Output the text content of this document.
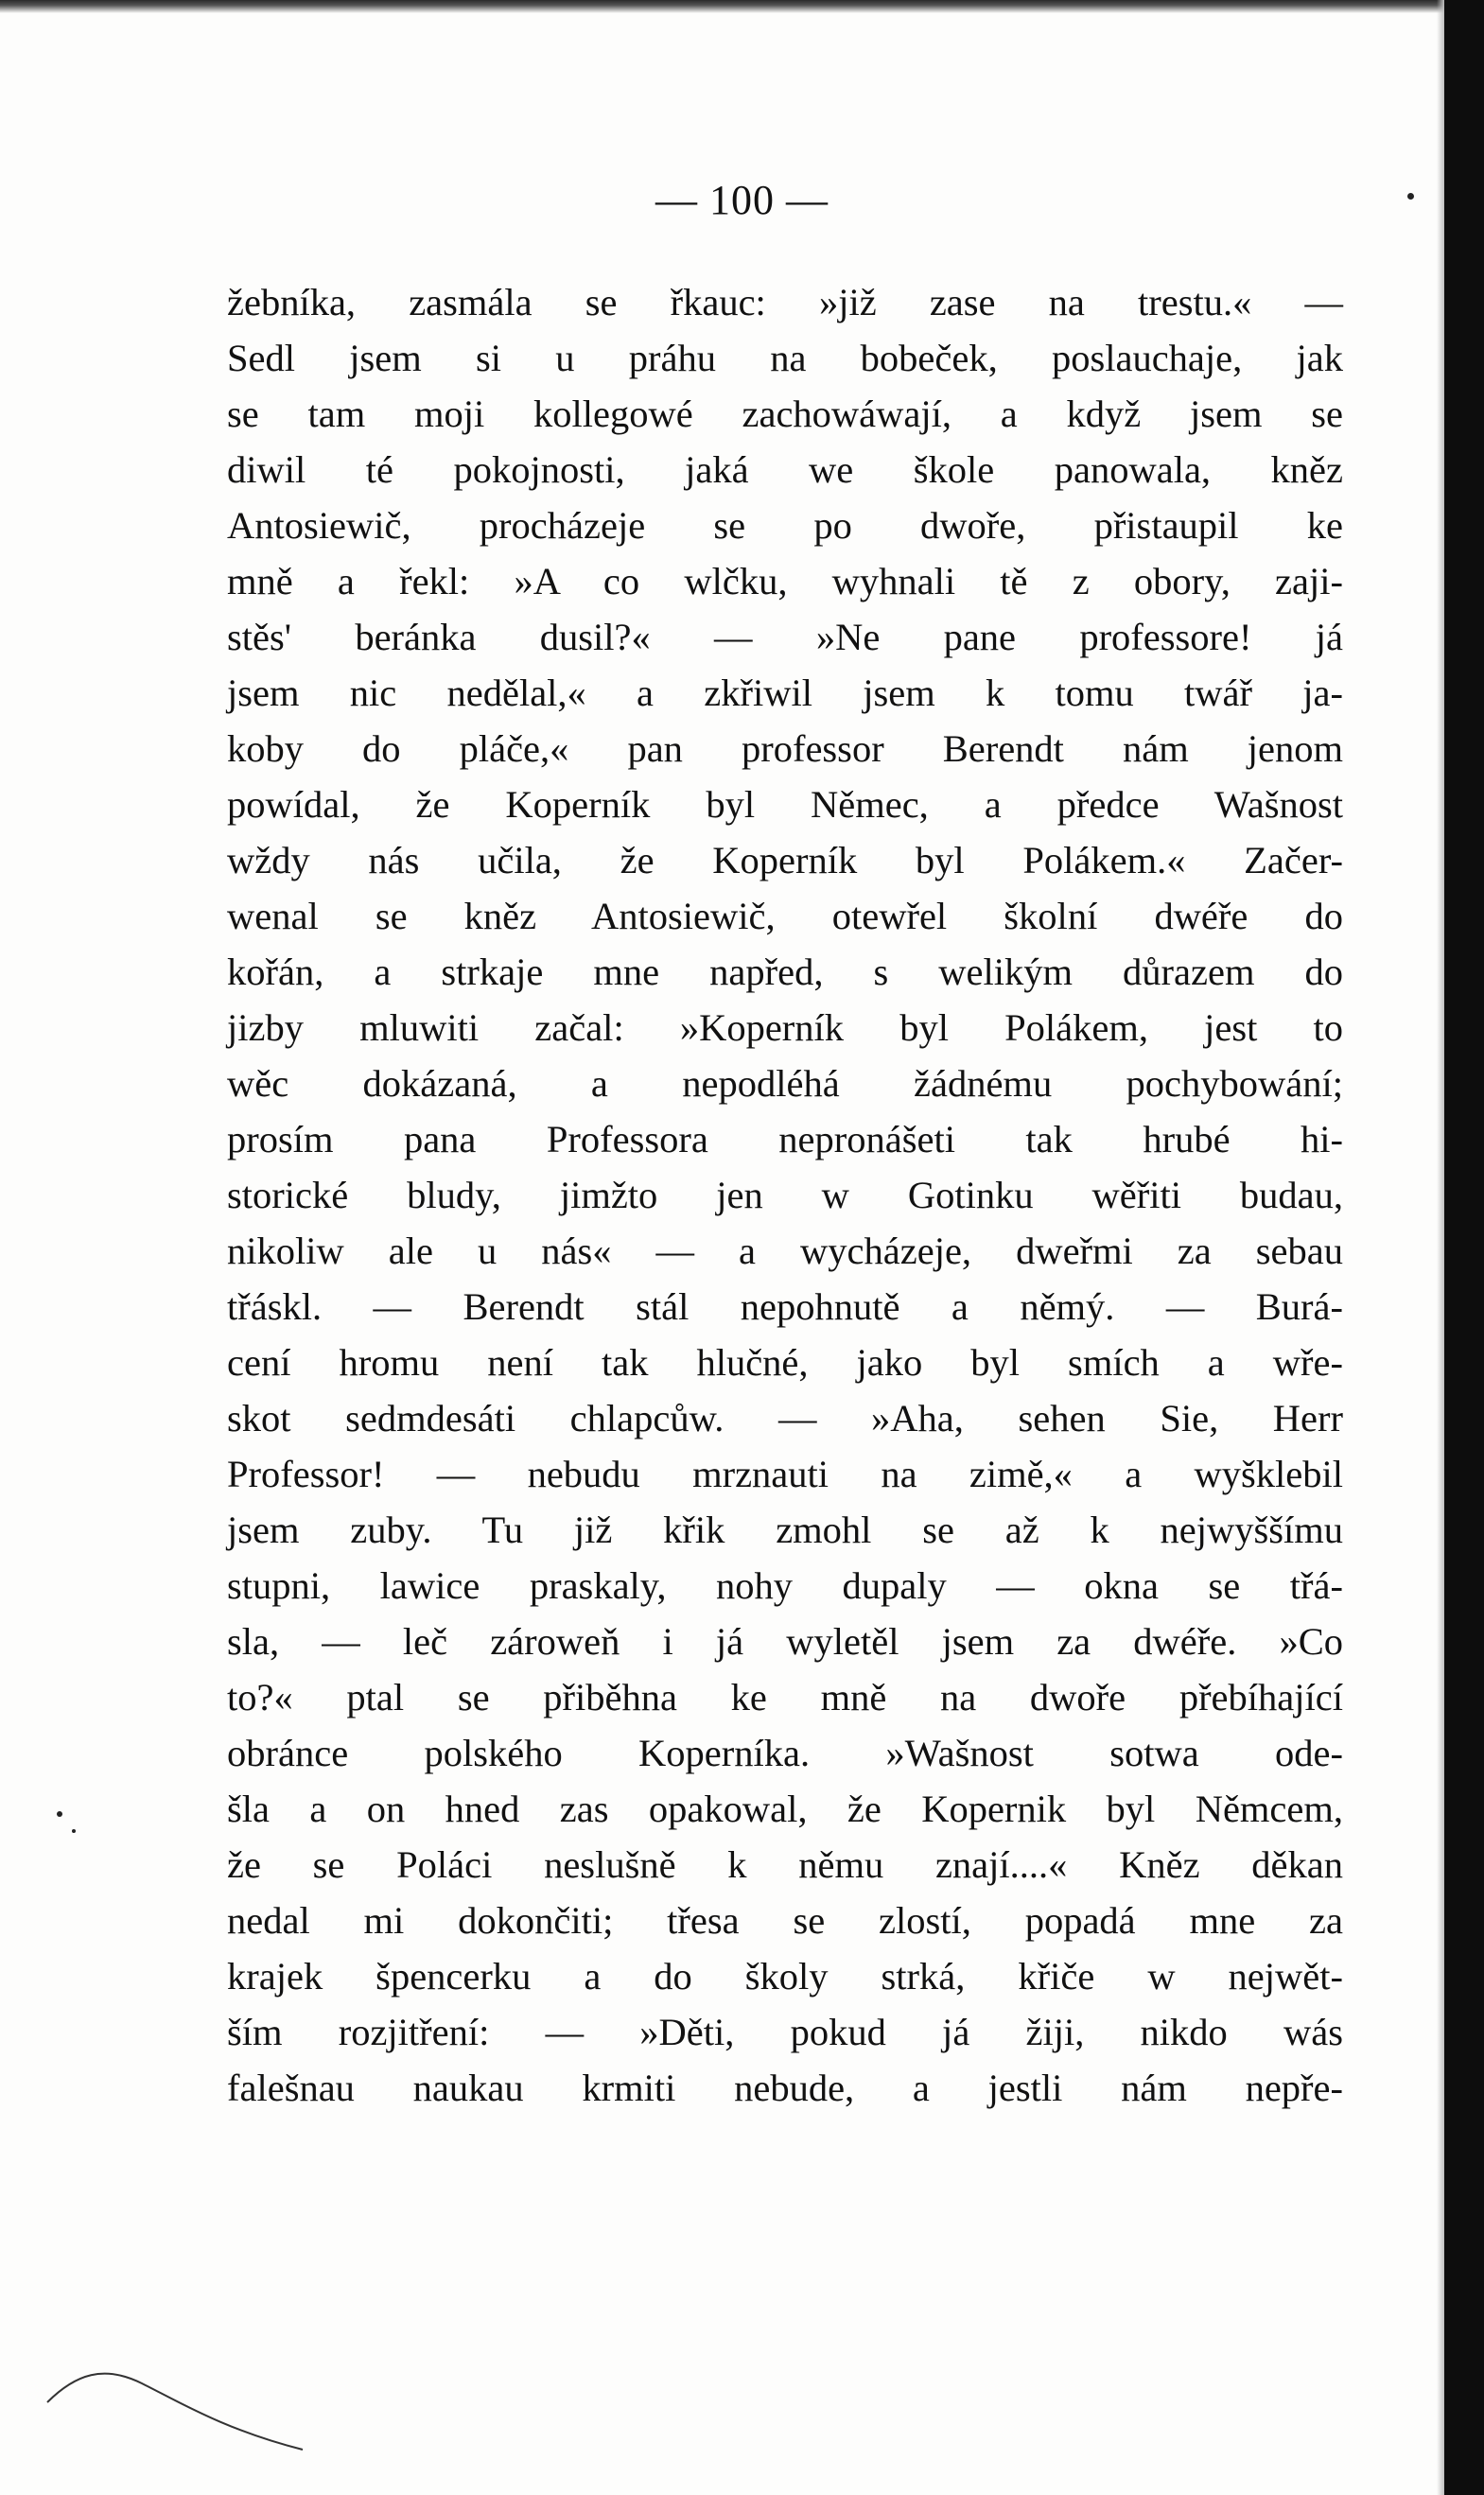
— 100 —
žebníka, zasmála se řkauc: »již zase na trestu.« —
Sedl jsem si u práhu na bobeček, poslauchaje, jak
se tam moji kollegowé zachowáwají, a když jsem se
diwil té pokojnosti, jaká we škole panowala, kněz
Antosiewič, procházeje se po dwoře, přistaupil ke
mně a řekl: »A co wlčku, wyhnali tě z obory, zaji-
stěs' beránka dusil?« — »Ne pane professore! já
jsem nic nedělal,« a zkřiwil jsem k tomu twář ja-
koby do pláče,« pan professor Berendt nám jenom
powídal, že Koperník byl Němec, a předce Wašnost
wždy nás učila, že Koperník byl Polákem.« Začer-
wenal se kněz Antosiewič, otewřel školní dwéře do
kořán, a strkaje mne napřed, s welikým důrazem do
jizby mluwiti začal: »Koperník byl Polákem, jest to
wěc dokázaná, a nepodléhá žádnému pochybowání;
prosím pana Professora nepronášeti tak hrubé hi-
storické bludy, jimžto jen w Gotinku wěřiti budau,
nikoliw ale u nás« — a wycházeje, dweřmi za sebau
třáskl. — Berendt stál nepohnutě a němý. — Burá-
cení hromu není tak hlučné, jako byl smích a wře-
skot sedmdesáti chlapcůw. — »Aha, sehen Sie, Herr
Professor! — nebudu mrznauti na zimě,« a wyšklebil
jsem zuby. Tu již křik zmohl se až k nejwyššímu
stupni, lawice praskaly, nohy dupaly — okna se třá-
sla, — leč zároweň i já wyletěl jsem za dwéře. »Co
to?« ptal se přiběhna ke mně na dwoře přebíhající
obránce polského Koperníka. »Wašnost sotwa ode-
šla a on hned zas opakowal, že Kopernik byl Němcem,
že se Poláci neslušně k němu znají....« Kněz děkan
nedal mi dokončiti; třesa se zlostí, popadá mne za
krajek špencerku a do školy strká, křiče w nejwět-
ším rozjitření: — »Děti, pokud já žiji, nikdo wás
falešnau naukau krmiti nebude, a jestli nám nepře-
